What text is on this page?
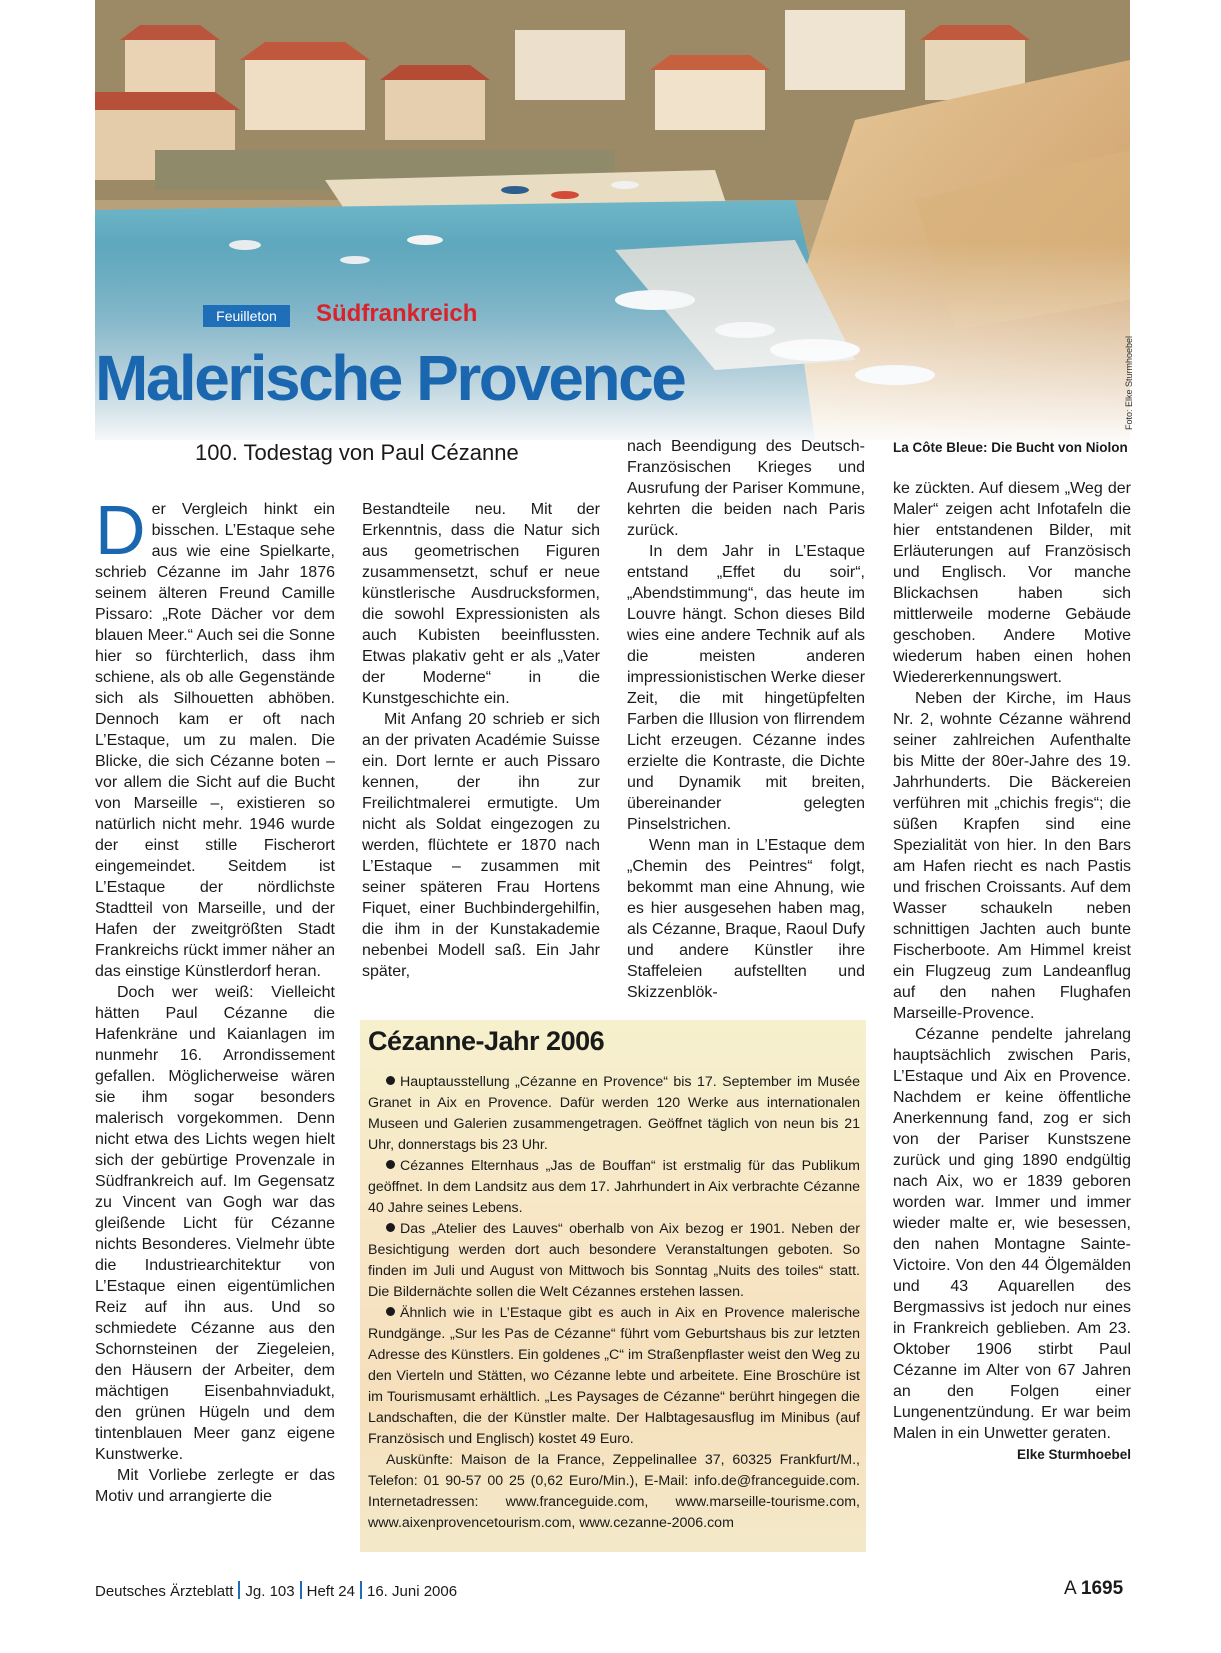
Feuilleton	Südfrankreich
Malerische Provence	Foto: Elke Sturmhoebel
100. Todestag von Paul Cézanne	La Côte Bleue: Die Bucht von Niolon

Der Vergleich hinkt ein bisschen. L’Estaque sehe aus wie eine Spielkarte, schrieb Cézanne im Jahr 1876 seinem älteren Freund Camille Pissaro: „Rote Dächer vor dem blauen Meer.“ Auch sei die Sonne hier so fürchterlich, dass ihm schiene, als ob alle Gegenstände sich als Silhouetten abhöben. Dennoch kam er oft nach L’Estaque, um zu malen. Die Blicke, die sich Cézanne boten – vor allem die Sicht auf die Bucht von Marseille –, existieren so natürlich nicht mehr. 1946 wurde der einst stille Fischerort eingemeindet. Seitdem ist L’Estaque der nördlichste Stadtteil von Marseille, und der Hafen der zweitgrößten Stadt Frankreichs rückt immer näher an das einstige Künstlerdorf heran.

Doch wer weiß: Vielleicht hätten Paul Cézanne die Hafenkräne und Kaianlagen im nunmehr 16. Arrondissement gefallen. Möglicherweise wären sie ihm sogar besonders malerisch vorgekommen. Denn nicht etwa des Lichts wegen hielt sich der gebürtige Provenzale in Südfrankreich auf. Im Gegensatz zu Vincent van Gogh war das gleißende Licht für Cézanne nichts Besonderes. Vielmehr übte die Industriearchitektur von L’Estaque einen eigentümlichen Reiz auf ihn aus. Und so schmiedete Cézanne aus den Schornsteinen der Ziegeleien, den Häusern der Arbeiter, dem mächtigen Eisenbahnviadukt, den grünen Hügeln und dem tintenblauen Meer ganz eigene Kunstwerke.

Mit Vorliebe zerlegte er das Motiv und arrangierte die

Bestandteile neu. Mit der Erkenntnis, dass die Natur sich aus geometrischen Figuren zusammensetzt, schuf er neue künstlerische Ausdrucksformen, die sowohl Expressionisten als auch Kubisten beeinflussten. Etwas plakativ geht er als „Vater der Moderne“ in die Kunstgeschichte ein.

Mit Anfang 20 schrieb er sich an der privaten Académie Suisse ein. Dort lernte er auch Pissaro kennen, der ihn zur Freilichtmalerei ermutigte. Um nicht als Soldat eingezogen zu werden, flüchtete er 1870 nach L’Estaque – zusammen mit seiner späteren Frau Hortens Fiquet, einer Buchbindergehilfin, die ihm in der Kunstakademie nebenbei Modell saß. Ein Jahr später,

nach Beendigung des Deutsch-Französischen Krieges und Ausrufung der Pariser Kommune, kehrten die beiden nach Paris zurück.

In dem Jahr in L’Estaque entstand „Effet du soir“, „Abendstimmung“, das heute im Louvre hängt. Schon dieses Bild wies eine andere Technik auf als die meisten anderen impressionistischen Werke dieser Zeit, die mit hingetüpfelten Farben die Illusion von flirrendem Licht erzeugen. Cézanne indes erzielte die Kontraste, die Dichte und Dynamik mit breiten, übereinander gelegten Pinselstrichen.

Wenn man in L’Estaque dem „Chemin des Peintres“ folgt, bekommt man eine Ahnung, wie es hier ausgesehen haben mag, als Cézanne, Braque, Raoul Dufy und andere Künstler ihre Staffeleien aufstellten und Skizzenblök-

ke zückten. Auf diesem „Weg der Maler“ zeigen acht Infotafeln die hier entstandenen Bilder, mit Erläuterungen auf Französisch und Englisch. Vor manche Blickachsen haben sich mittlerweile moderne Gebäude geschoben. Andere Motive wiederum haben einen hohen Wiedererkennungswert.

Neben der Kirche, im Haus Nr. 2, wohnte Cézanne während seiner zahlreichen Aufenthalte bis Mitte der 80er-Jahre des 19. Jahrhunderts. Die Bäckereien verführen mit „chichis fregis“; die süßen Krapfen sind eine Spezialität von hier. In den Bars am Hafen riecht es nach Pastis und frischen Croissants. Auf dem Wasser schaukeln neben schnittigen Jachten auch bunte Fischerboote. Am Himmel kreist ein Flugzeug zum Landeanflug auf den nahen Flughafen Marseille-Provence.

Cézanne pendelte jahrelang hauptsächlich zwischen Paris, L’Estaque und Aix en Provence. Nachdem er keine öffentliche Anerkennung fand, zog er sich von der Pariser Kunstszene zurück und ging 1890 endgültig nach Aix, wo er 1839 geboren worden war. Immer und immer wieder malte er, wie besessen, den nahen Montagne Sainte-Victoire. Von den 44 Ölgemälden und 43 Aquarellen des Bergmassivs ist jedoch nur eines in Frankreich geblieben. Am 23. Oktober 1906 stirbt Paul Cézanne im Alter von 67 Jahren an den Folgen einer Lungenentzündung. Er war beim Malen in ein Unwetter geraten.
Elke Sturmhoebel

Cézanne-Jahr 2006

Hauptausstellung „Cézanne en Provence“ bis 17. September im Musée Granet in Aix en Provence. Dafür werden 120 Werke aus internationalen Museen und Galerien zusammengetragen. Geöffnet täglich von neun bis 21 Uhr, donnerstags bis 23 Uhr.

Cézannes Elternhaus „Jas de Bouffan“ ist erstmalig für das Publikum geöffnet. In dem Landsitz aus dem 17. Jahrhundert in Aix verbrachte Cézanne 40 Jahre seines Lebens.

Das „Atelier des Lauves“ oberhalb von Aix bezog er 1901. Neben der Besichtigung werden dort auch besondere Veranstaltungen geboten. So finden im Juli und August von Mittwoch bis Sonntag „Nuits des toiles“ statt. Die Bildernächte sollen die Welt Cézannes erstehen lassen.

Ähnlich wie in L’Estaque gibt es auch in Aix en Provence malerische Rundgänge. „Sur les Pas de Cézanne“ führt vom Geburtshaus bis zur letzten Adresse des Künstlers. Ein goldenes „C“ im Straßenpflaster weist den Weg zu den Vierteln und Stätten, wo Cézanne lebte und arbeitete. Eine Broschüre ist im Tourismusamt erhältlich. „Les Paysages de Cézanne“ berührt hingegen die Landschaften, die der Künstler malte. Der Halbtagesausflug im Minibus (auf Französisch und Englisch) kostet 49 Euro.

Auskünfte: Maison de la France, Zeppelinallee 37, 60325 Frankfurt/M., Telefon: 01 90-57 00 25 (0,62 Euro/Min.), E-Mail: info.de@franceguide.com. Internetadressen: www.franceguide.com, www.marseille-tourisme.com, www.aixenprovencetourism.com, www.cezanne-2006.com

Deutsches Ärzteblatt Jg. 103 Heft 24 16. Juni 2006	A 1695
